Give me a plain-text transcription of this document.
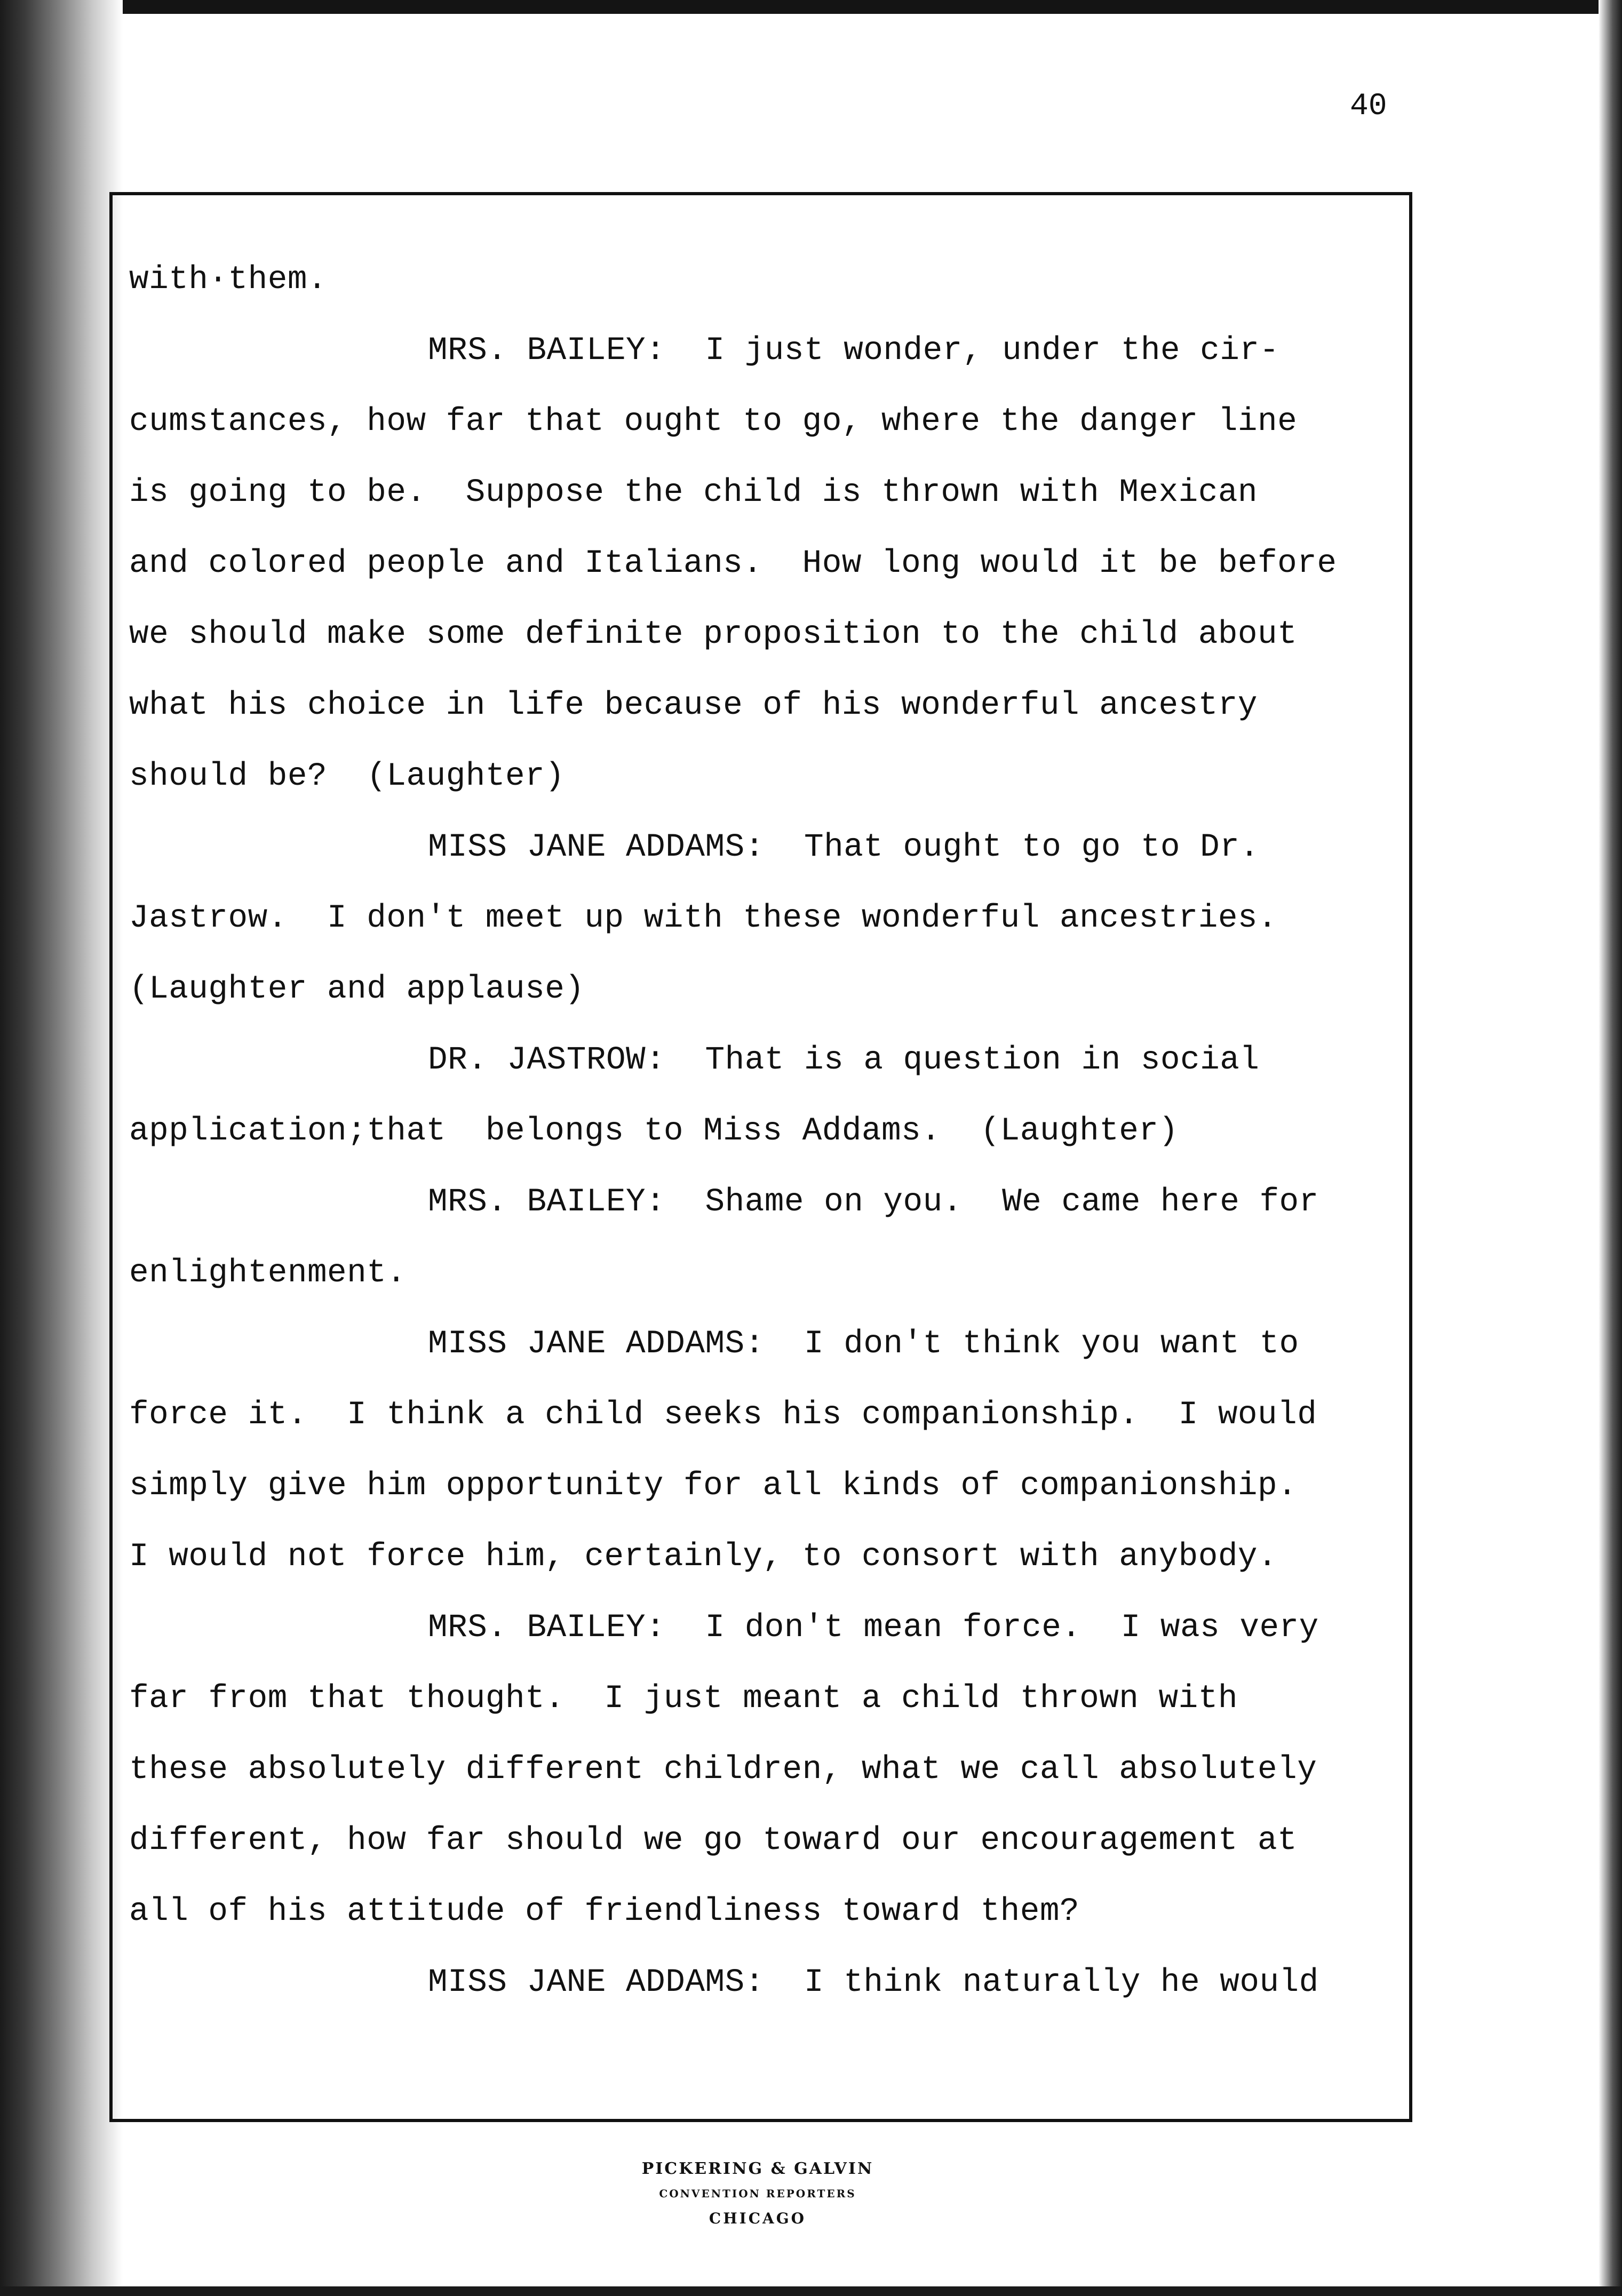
40
with·them.
MRS. BAILEY:  I just wonder, under the cir-
cumstances, how far that ought to go, where the danger line
is going to be.  Suppose the child is thrown with Mexican
and colored people and Italians.  How long would it be before
we should make some definite proposition to the child about
what his choice in life because of his wonderful ancestry
should be?  (Laughter)
MISS JANE ADDAMS:  That ought to go to Dr.
Jastrow.  I don't meet up with these wonderful ancestries.
(Laughter and applause)
DR. JASTROW:  That is a question in social
application;that  belongs to Miss Addams.  (Laughter)
MRS. BAILEY:  Shame on you.  We came here for
enlightenment.
MISS JANE ADDAMS:  I don't think you want to
force it.  I think a child seeks his companionship.  I would
simply give him opportunity for all kinds of companionship.
I would not force him, certainly, to consort with anybody.
MRS. BAILEY:  I don't mean force.  I was very
far from that thought.  I just meant a child thrown with
these absolutely different children, what we call absolutely
different, how far should we go toward our encouragement at
all of his attitude of friendliness toward them?
MISS JANE ADDAMS:  I think naturally he would
PICKERING & GALVIN
CONVENTION REPORTERS
CHICAGO
